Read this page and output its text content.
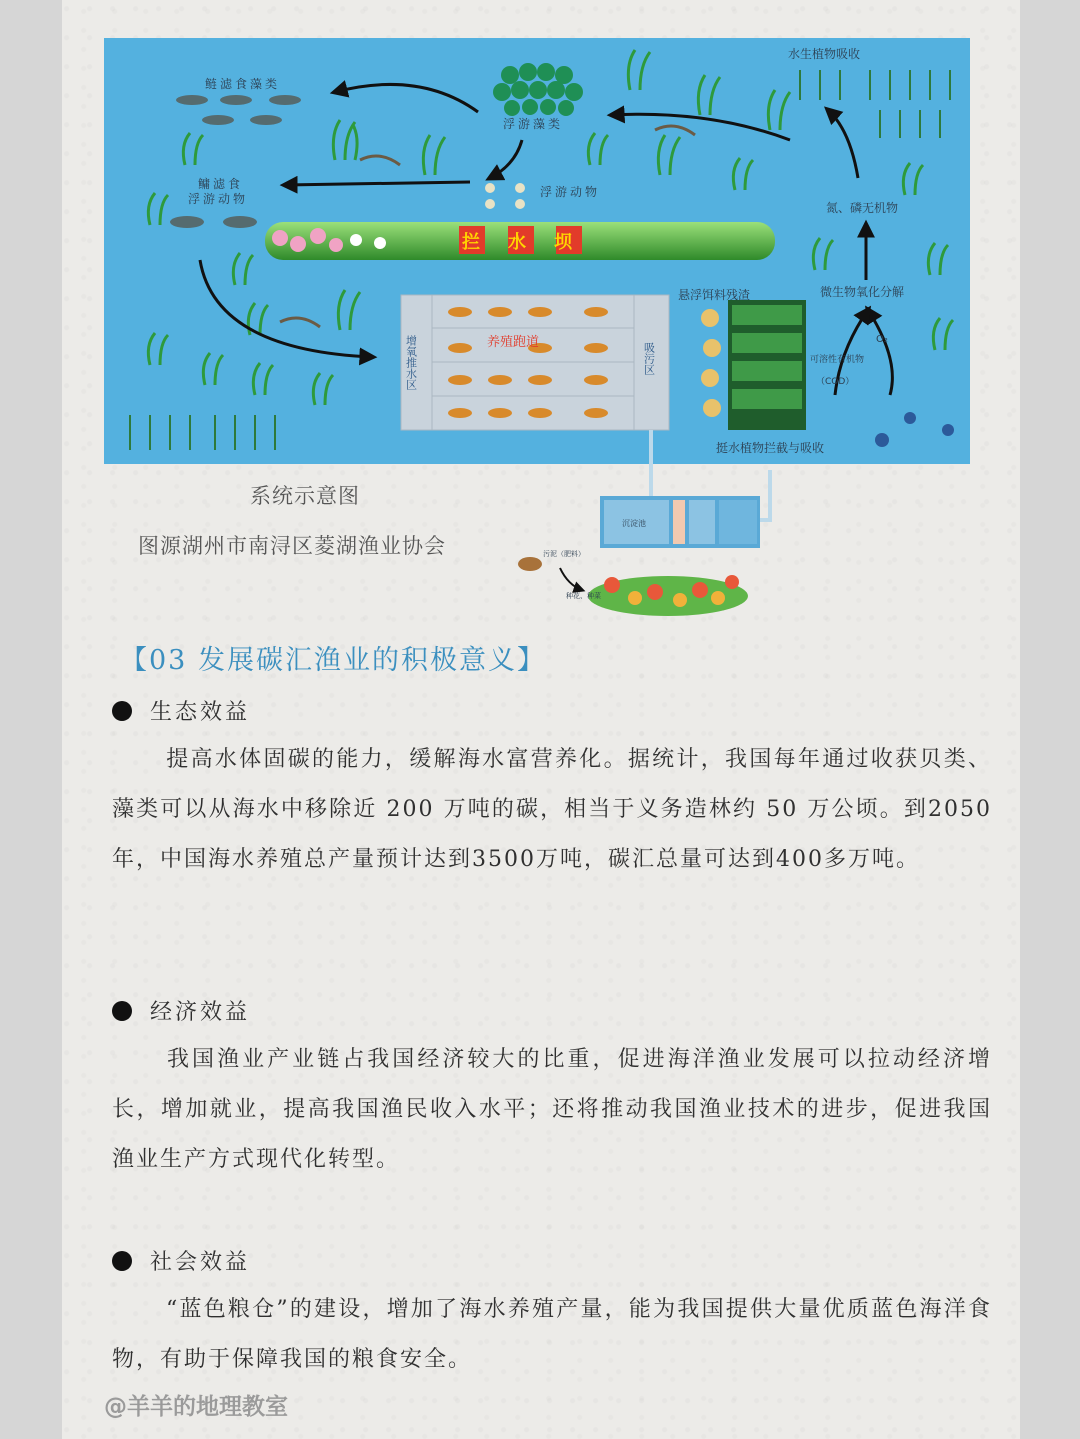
拦水坝
养殖跑道
增氧推水区	吸污区
沉淀池
污泥（肥料）
种花、种菜
鲢滤食藻类
浮游藻类
水生植物吸收
鳙滤食
浮游动物	浮游动物
氮、磷无机物
微生物氧化分解
悬浮饵料残渣
可溶性有机物
（COD）
O₂
挺水植物拦截与吸收
系统示意图
图源湖州市南浔区菱湖渔业协会
【03 发展碳汇渔业的积极意义】
生态效益
提高水体固碳的能力，缓解海水富营养化。据统计，我国每年通过收获贝类、藻类可以从海水中移除近 200 万吨的碳，相当于义务造林约 50 万公顷。到2050年，中国海水养殖总产量预计达到3500万吨，碳汇总量可达到400多万吨。
经济效益
我国渔业产业链占我国经济较大的比重，促进海洋渔业发展可以拉动经济增长，增加就业，提高我国渔民收入水平；还将推动我国渔业技术的进步，促进我国渔业生产方式现代化转型。
社会效益
“蓝色粮仓”的建设，增加了海水养殖产量，能为我国提供大量优质蓝色海洋食物，有助于保障我国的粮食安全。
@羊羊的地理教室
